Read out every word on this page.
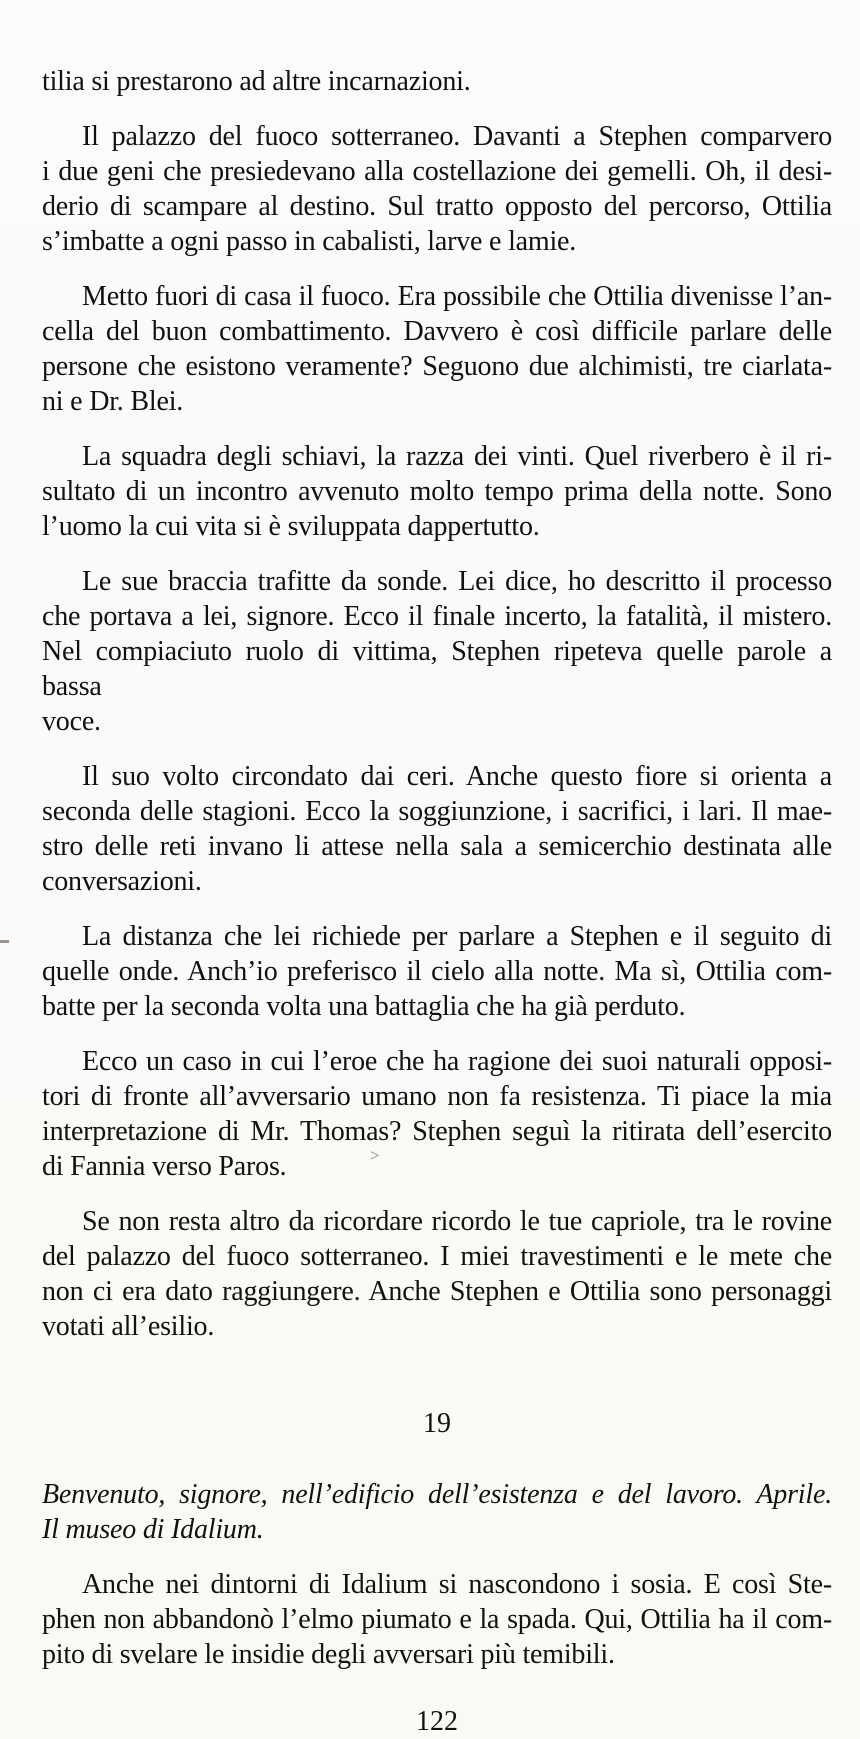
tilia si prestarono ad altre incarnazioni.
Il palazzo del fuoco sotterraneo. Davanti a Stephen comparvero
i due geni che presiedevano alla costellazione dei gemelli. Oh, il desi-
derio di scampare al destino. Sul tratto opposto del percorso, Ottilia
s’imbatte a ogni passo in cabalisti, larve e lamie.
Metto fuori di casa il fuoco. Era possibile che Ottilia divenisse l’an-
cella del buon combattimento. Davvero è così difficile parlare delle
persone che esistono veramente? Seguono due alchimisti, tre ciarlata-
ni e Dr. Blei.
La squadra degli schiavi, la razza dei vinti. Quel riverbero è il ri-
sultato di un incontro avvenuto molto tempo prima della notte. Sono
l’uomo la cui vita si è sviluppata dappertutto.
Le sue braccia trafitte da sonde. Lei dice, ho descritto il processo
che portava a lei, signore. Ecco il finale incerto, la fatalità, il mistero.
Nel compiaciuto ruolo di vittima, Stephen ripeteva quelle parole a bassa
voce.
Il suo volto circondato dai ceri. Anche questo fiore si orienta a
seconda delle stagioni. Ecco la soggiunzione, i sacrifici, i lari. Il mae-
stro delle reti invano li attese nella sala a semicerchio destinata alle
conversazioni.
La distanza che lei richiede per parlare a Stephen e il seguito di
quelle onde. Anch’io preferisco il cielo alla notte. Ma sì, Ottilia com-
batte per la seconda volta una battaglia che ha già perduto.
Ecco un caso in cui l’eroe che ha ragione dei suoi naturali opposi-
tori di fronte all’avversario umano non fa resistenza. Ti piace la mia
interpretazione di Mr. Thomas? Stephen seguì la ritirata dell’esercito
di Fannia verso Paros.
Se non resta altro da ricordare ricordo le tue capriole, tra le rovine
del palazzo del fuoco sotterraneo. I miei travestimenti e le mete che
non ci era dato raggiungere. Anche Stephen e Ottilia sono personaggi
votati all’esilio.
19
Benvenuto, signore, nell’edificio dell’esistenza e del lavoro. Aprile.
Il museo di Idalium.
Anche nei dintorni di Idalium si nascondono i sosia. E così Ste-
phen non abbandonò l’elmo piumato e la spada. Qui, Ottilia ha il com-
pito di svelare le insidie degli avversari più temibili.
122
>
